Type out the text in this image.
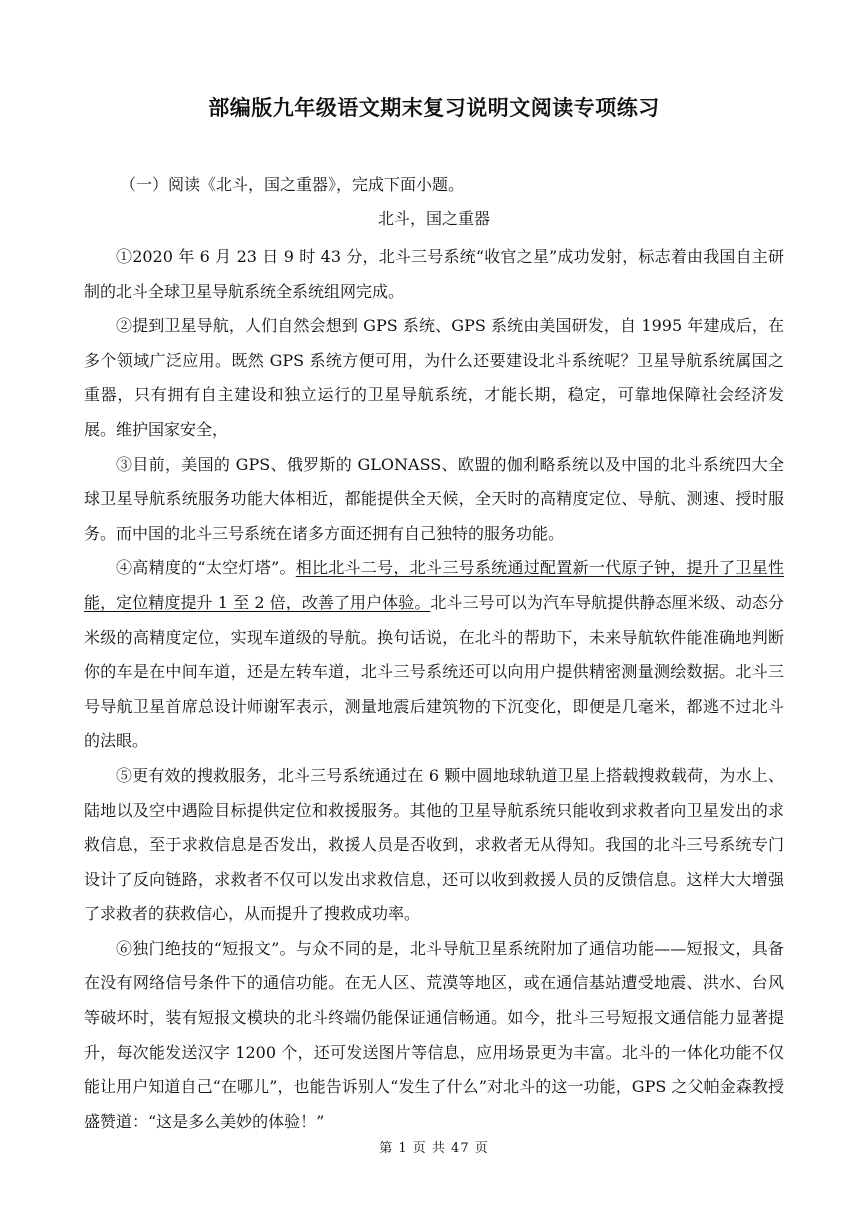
部编版九年级语文期末复习说明文阅读专项练习
（一）阅读《北斗，国之重器》，完成下面小题。
北斗，国之重器

①2020 年 6 月 23 日 9 时 43 分，北斗三号系统“收官之星”成功发射，标志着由我国自主研制的北斗全球卫星导航系统全系统组网完成。

②提到卫星导航，人们自然会想到 GPS 系统、GPS 系统由美国研发，自 1995 年建成后，在多个领域广泛应用。既然 GPS 系统方便可用，为什么还要建设北斗系统呢？卫星导航系统属国之重器，只有拥有自主建设和独立运行的卫星导航系统，才能长期，稳定，可靠地保障社会经济发展。维护国家安全，

③目前，美国的 GPS、俄罗斯的 GLONASS、欧盟的伽利略系统以及中国的北斗系统四大全球卫星导航系统服务功能大体相近，都能提供全天候，全天时的高精度定位、导航、测速、授时服务。而中国的北斗三号系统在诸多方面还拥有自己独特的服务功能。

④高精度的“太空灯塔”。相比北斗二号，北斗三号系统通过配置新一代原子钟，提升了卫星性能，定位精度提升 1 至 2 倍，改善了用户体验。北斗三号可以为汽车导航提供静态厘米级、动态分米级的高精度定位，实现车道级的导航。换句话说，在北斗的帮助下，未来导航软件能准确地判断你的车是在中间车道，还是左转车道，北斗三号系统还可以向用户提供精密测量测绘数据。北斗三号导航卫星首席总设计师谢军表示，测量地震后建筑物的下沉变化，即便是几毫米，都逃不过北斗的法眼。

⑤更有效的搜救服务，北斗三号系统通过在 6 颗中圆地球轨道卫星上搭载搜救载荷，为水上、陆地以及空中遇险目标提供定位和救援服务。其他的卫星导航系统只能收到求救者向卫星发出的求救信息，至于求救信息是否发出，救援人员是否收到，求救者无从得知。我国的北斗三号系统专门设计了反向链路，求救者不仅可以发出求救信息，还可以收到救援人员的反馈信息。这样大大增强了求救者的获救信心，从而提升了搜救成功率。

⑥独门绝技的“短报文”。与众不同的是，北斗导航卫星系统附加了通信功能——短报文，具备在没有网络信号条件下的通信功能。在无人区、荒漠等地区，或在通信基站遭受地震、洪水、台风等破坏时，装有短报文模块的北斗终端仍能保证通信畅通。如今，批斗三号短报文通信能力显著提升，每次能发送汉字 1200 个，还可发送图片等信息，应用场景更为丰富。北斗的一体化功能不仅能让用户知道自己“在哪儿”，也能告诉别人“发生了什么”对北斗的这一功能，GPS 之父帕金森教授盛赞道：“这是多么美妙的体验！”

第 1 页 共 47 页
